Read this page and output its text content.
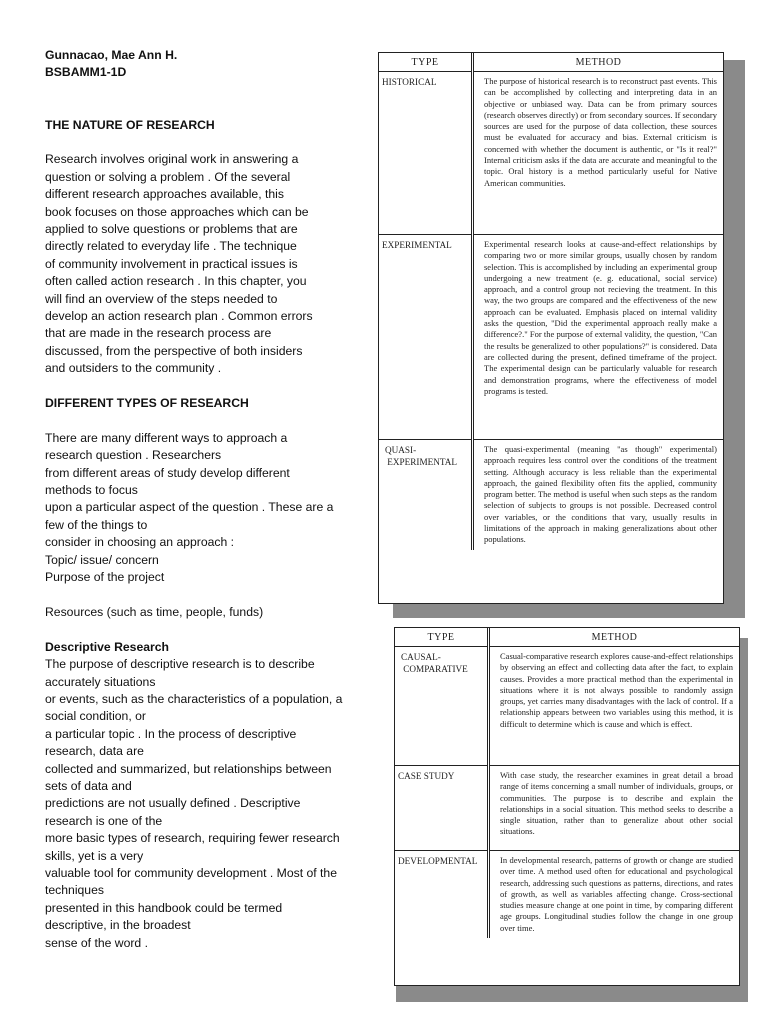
Gunnacao, Mae Ann H.

BSBAMM1-1D

THE NATURE OF RESEARCH

Research involves original work in answering a

question or solving a problem . Of the several

different research approaches available, this

book focuses on those approaches which can be

applied to solve questions or problems that are

directly related to everyday life . The technique

of community involvement in practical issues is

often called action research . In this chapter, you

will find an overview of the steps needed to

develop an action research plan . Common errors

that are made in the research process are

discussed, from the perspective of both insiders

and outsiders to the community .

DIFFERENT TYPES OF RESEARCH

There are many different ways to approach a

research question . Researchers

from different areas of study develop different

methods to focus

upon a particular aspect of the question . These are a

few of the things to

consider in choosing an approach :

Topic/ issue/ concern

Purpose of the project

Resources (such as time, people, funds)

Descriptive Research

The purpose of descriptive research is to describe

accurately situations

or events, such as the characteristics of a population, a

social condition, or

a particular topic . In the process of descriptive

research, data are

collected and summarized, but relationships between

sets of data and

predictions are not usually defined . Descriptive

research is one of the

more basic types of research, requiring fewer research

skills, yet is a very

valuable tool for community development . Most of the

techniques

presented in this handbook could be termed

descriptive, in the broadest

sense of the word .

TYPE	METHOD
HISTORICAL	The purpose of historical research is to reconstruct past events. This can be accomplished by collecting and interpreting data in an objective or unbiased way. Data can be from primary sources (research observes directly) or from secondary sources. If secondary sources are used for the purpose of data collection, these sources must be evaluated for accuracy and bias. External criticism is concerned with whether the document is authentic, or "Is it real?" Internal criticism asks if the data are accurate and meaningful to the topic. Oral history is a method particularly useful for Native American communities.
EXPERIMENTAL	Experimental research looks at cause-and-effect relationships by comparing two or more similar groups, usually chosen by random selection. This is accomplished by including an experimental group undergoing a new treatment (e. g. educational, social service) approach, and a control group not recieving the treatment. In this way, the two groups are compared and the effectiveness of the new approach can be evaluated. Emphasis placed on internal validity asks the question, "Did the experimental approach really make a difference?." For the purpose of external validity, the question, "Can the results be generalized to other populations?" is considered. Data are collected during the present, defined timeframe of the project. The experimental design can be particularly valuable for research and demonstration programs, where the effectiveness of model programs is tested.
QUASI- EXPERIMENTAL	The quasi-experimental (meaning "as though" experimental) approach requires less control over the conditions of the treatment setting. Although accuracy is less reliable than the experimental approach, the gained flexibility often fits the applied, community program better. The method is useful when such steps as the random selection of subjects to groups is not possible. Decreased control over variables, or the conditions that vary, usually results in limitations of the approach in making generalizations about other populations.
TYPE	METHOD
CAUSAL- COMPARATIVE	Casual-comparative research explores cause-and-effect relationships by observing an effect and collecting data after the fact, to explain causes. Provides a more practical method than the experimental in situations where it is not always possible to randomly assign groups, yet carries many disadvantages with the lack of control. If a relationship appears between two variables using this method, it is difficult to determine which is cause and which is effect.
CASE STUDY	With case study, the researcher examines in great detail a broad range of items concerning a small number of individuals, groups, or communities. The purpose is to describe and explain the relationships in a social situation. This method seeks to describe a single situation, rather than to generalize about other social situations.
DEVELOPMENTAL	In developmental research, patterns of growth or change are studied over time. A method used often for educational and psychological research, addressing such questions as patterns, directions, and rates of growth, as well as variables affecting change. Cross-sectional studies measure change at one point in time, by comparing different age groups. Longitudinal studies follow the change in one group over time.
